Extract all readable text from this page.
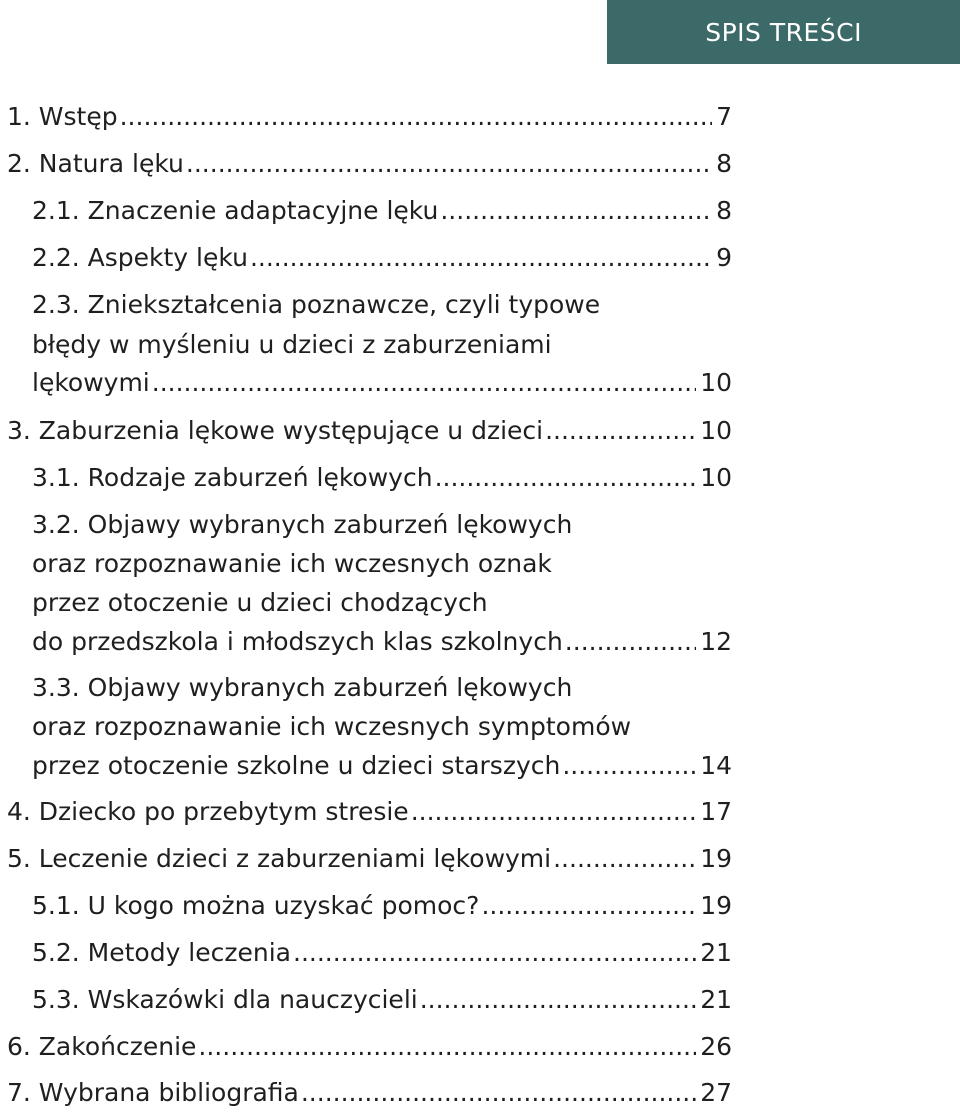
SPIS TREŚCI
1. Wstęp .....	7
2. Natura lęku .....	8
2.1. Znaczenie adaptacyjne lęku .....	8
2.2. Aspekty lęku .....	9
2.3. Zniekształcenia poznawcze, czyli typowe
błędy w myśleniu u dzieci z zaburzeniami
lękowymi .....	10
3. Zaburzenia lękowe występujące u dzieci .....	10
3.1. Rodzaje zaburzeń lękowych .....	10
3.2. Objawy wybranych zaburzeń lękowych
oraz rozpoznawanie ich wczesnych oznak
przez otoczenie u dzieci chodzących
do przedszkola i młodszych klas szkolnych .....	12
3.3. Objawy wybranych zaburzeń lękowych
oraz rozpoznawanie ich wczesnych symptomów
przez otoczenie szkolne u dzieci starszych .....	14
4. Dziecko po przebytym stresie .....	17
5. Leczenie dzieci z zaburzeniami lękowymi .....	19
5.1. U kogo można uzyskać pomoc? .....	19
5.2. Metody leczenia .....	21
5.3. Wskazówki dla nauczycieli .....	21
6. Zakończenie .....	26
7. Wybrana bibliografia .....	27
